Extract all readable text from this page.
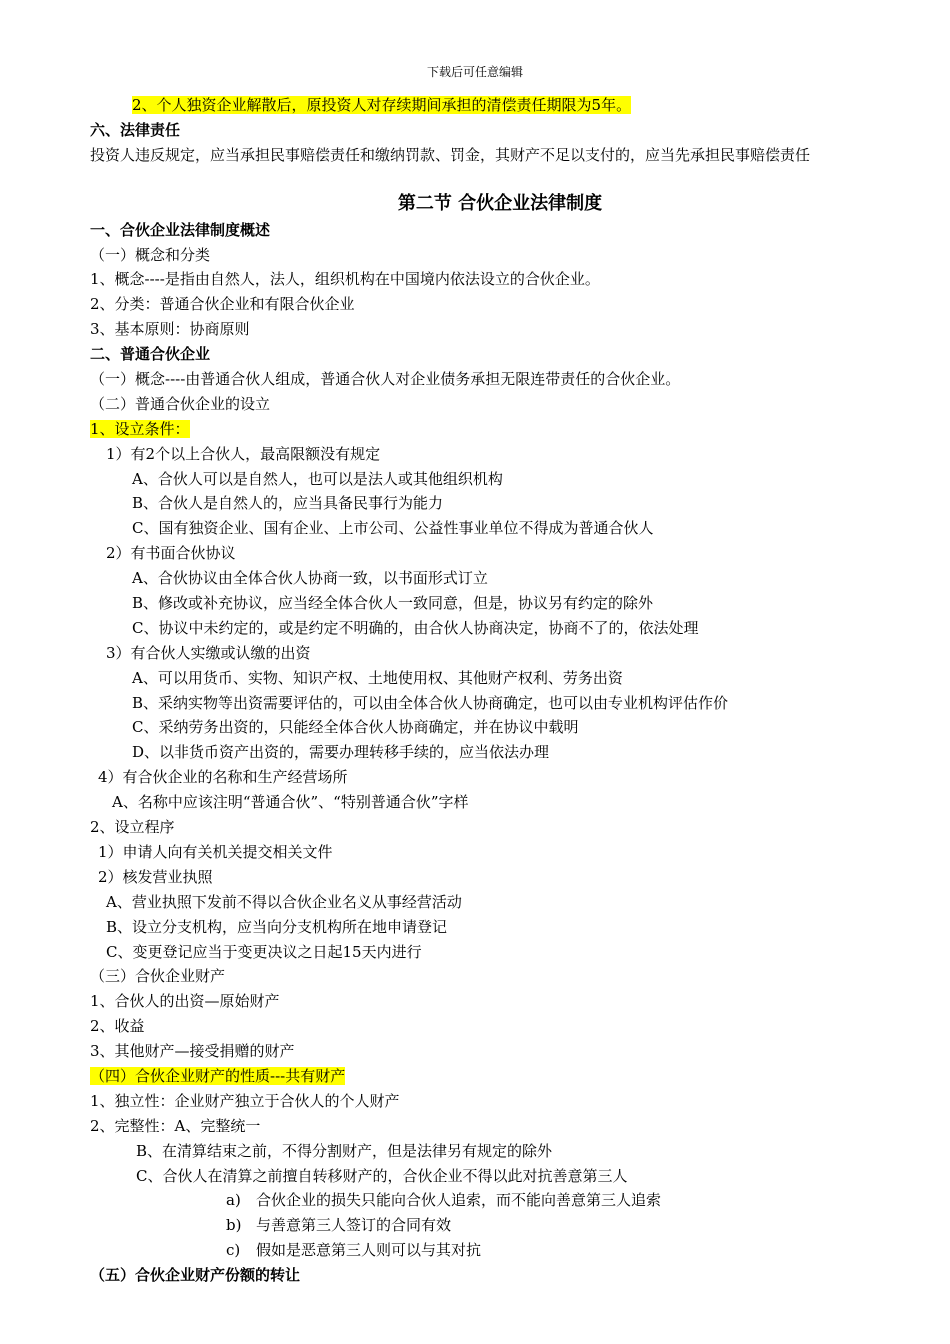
下载后可任意编辑
2、个人独资企业解散后，原投资人对存续期间承担的清偿责任期限为5年。
六、法律责任
投资人违反规定，应当承担民事赔偿责任和缴纳罚款、罚金，其财产不足以支付的，应当先承担民事赔偿责任
第二节 合伙企业法律制度
一、合伙企业法律制度概述
（一）概念和分类
1、概念----是指由自然人，法人，组织机构在中国境内依法设立的合伙企业。
2、分类：普通合伙企业和有限合伙企业
3、基本原则：协商原则
二、普通合伙企业
（一）概念----由普通合伙人组成，普通合伙人对企业债务承担无限连带责任的合伙企业。
（二）普通合伙企业的设立
1、设立条件：
1）有2个以上合伙人，最高限额没有规定
A、合伙人可以是自然人，也可以是法人或其他组织机构
B、合伙人是自然人的，应当具备民事行为能力
C、国有独资企业、国有企业、上市公司、公益性事业单位不得成为普通合伙人
2）有书面合伙协议
A、合伙协议由全体合伙人协商一致，以书面形式订立
B、修改或补充协议，应当经全体合伙人一致同意，但是，协议另有约定的除外
C、协议中未约定的，或是约定不明确的，由合伙人协商决定，协商不了的，依法处理
3）有合伙人实缴或认缴的出资
A、可以用货币、实物、知识产权、土地使用权、其他财产权利、劳务出资
B、采纳实物等出资需要评估的，可以由全体合伙人协商确定，也可以由专业机构评估作价
C、采纳劳务出资的，只能经全体合伙人协商确定，并在协议中载明
D、以非货币资产出资的，需要办理转移手续的，应当依法办理
4）有合伙企业的名称和生产经营场所
A、名称中应该注明“普通合伙”、“特别普通合伙”字样
2、设立程序
1）申请人向有关机关提交相关文件
2）核发营业执照
A、营业执照下发前不得以合伙企业名义从事经营活动
B、设立分支机构，应当向分支机构所在地申请登记
C、变更登记应当于变更决议之日起15天内进行
（三）合伙企业财产
1、合伙人的出资—原始财产
2、收益
3、其他财产—接受捐赠的财产
（四）合伙企业财产的性质---共有财产
1、独立性：企业财产独立于合伙人的个人财产
2、完整性：A、完整统一
B、在清算结束之前，不得分割财产，但是法律另有规定的除外
C、合伙人在清算之前擅自转移财产的，合伙企业不得以此对抗善意第三人
a) 合伙企业的损失只能向合伙人追索，而不能向善意第三人追索
b) 与善意第三人签订的合同有效
c) 假如是恶意第三人则可以与其对抗
（五）合伙企业财产份额的转让
